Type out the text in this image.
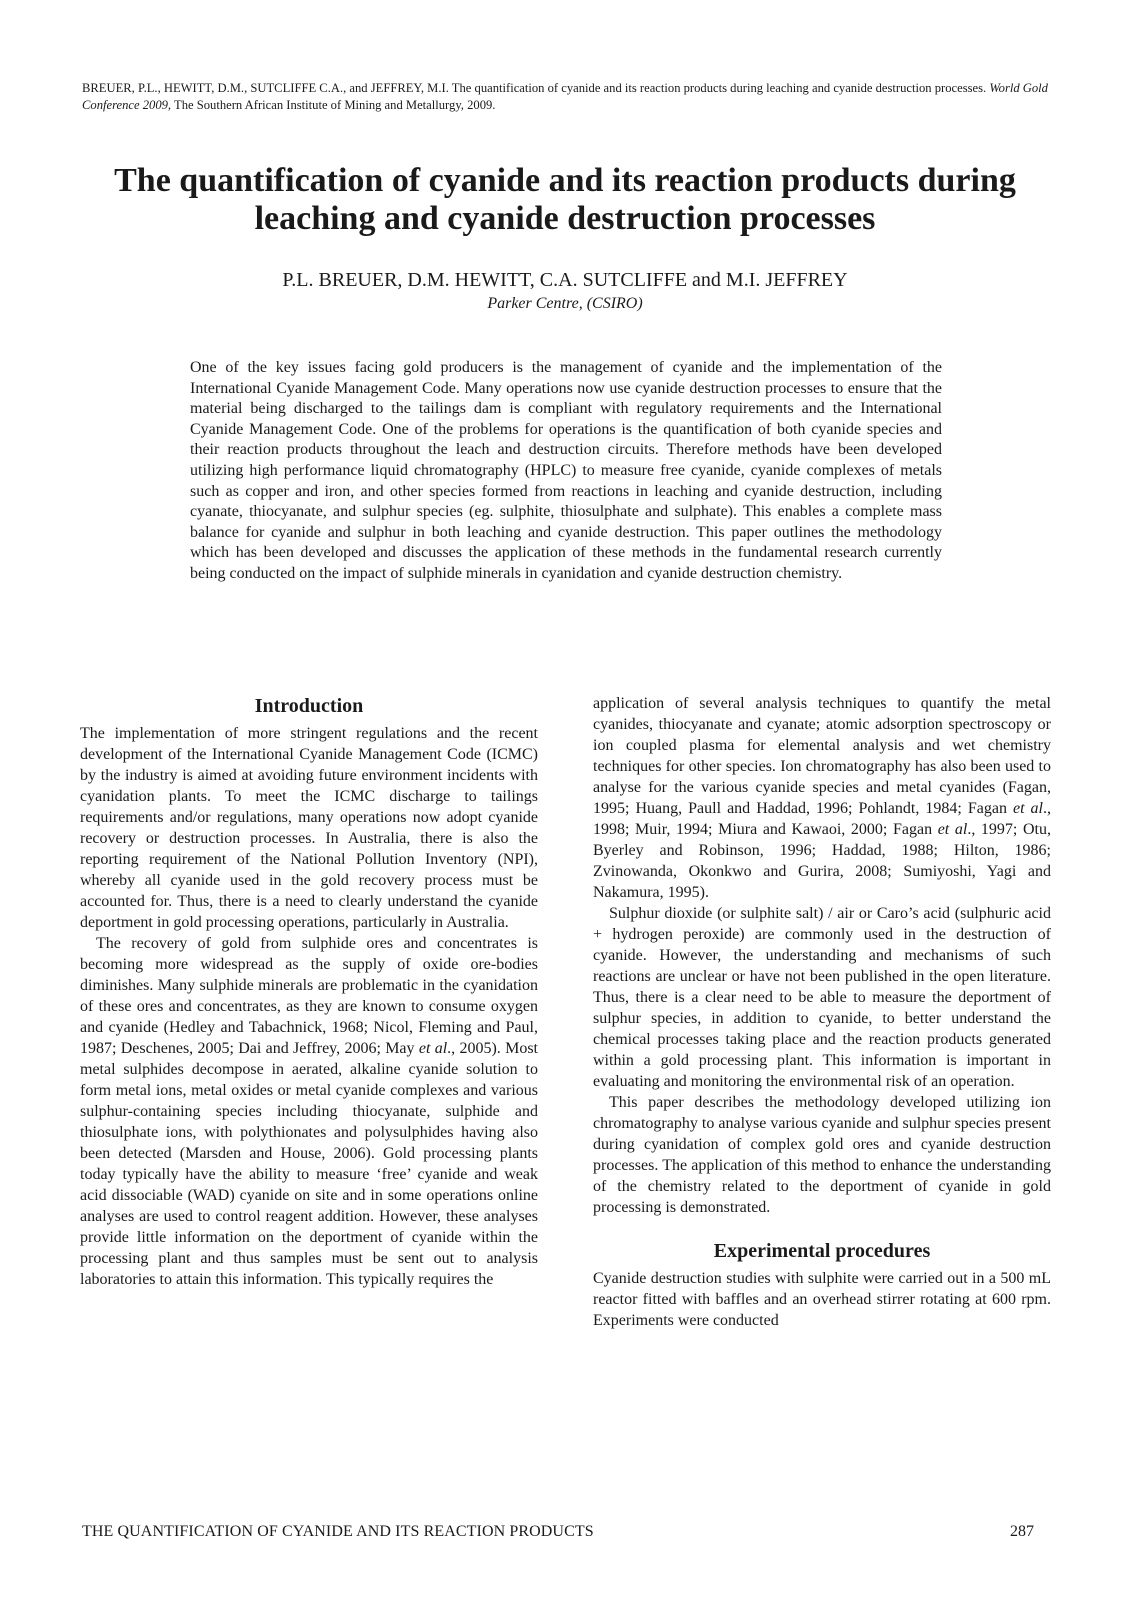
BREUER, P.L., HEWITT, D.M., SUTCLIFFE C.A., and JEFFREY, M.I. The quantification of cyanide and its reaction products during leaching and cyanide destruction processes. World Gold Conference 2009, The Southern African Institute of Mining and Metallurgy, 2009.
The quantification of cyanide and its reaction products during leaching and cyanide destruction processes
P.L. BREUER, D.M. HEWITT, C.A. SUTCLIFFE and M.I. JEFFREY
Parker Centre, (CSIRO)
One of the key issues facing gold producers is the management of cyanide and the implementation of the International Cyanide Management Code. Many operations now use cyanide destruction processes to ensure that the material being discharged to the tailings dam is compliant with regulatory requirements and the International Cyanide Management Code. One of the problems for operations is the quantification of both cyanide species and their reaction products throughout the leach and destruction circuits. Therefore methods have been developed utilizing high performance liquid chromatography (HPLC) to measure free cyanide, cyanide complexes of metals such as copper and iron, and other species formed from reactions in leaching and cyanide destruction, including cyanate, thiocyanate, and sulphur species (eg. sulphite, thiosulphate and sulphate). This enables a complete mass balance for cyanide and sulphur in both leaching and cyanide destruction. This paper outlines the methodology which has been developed and discusses the application of these methods in the fundamental research currently being conducted on the impact of sulphide minerals in cyanidation and cyanide destruction chemistry.
Introduction

The implementation of more stringent regulations and the recent development of the International Cyanide Management Code (ICMC) by the industry is aimed at avoiding future environment incidents with cyanidation plants. To meet the ICMC discharge to tailings requirements and/or regulations, many operations now adopt cyanide recovery or destruction processes. In Australia, there is also the reporting requirement of the National Pollution Inventory (NPI), whereby all cyanide used in the gold recovery process must be accounted for. Thus, there is a need to clearly understand the cyanide deportment in gold processing operations, particularly in Australia.

The recovery of gold from sulphide ores and concentrates is becoming more widespread as the supply of oxide ore-bodies diminishes. Many sulphide minerals are problematic in the cyanidation of these ores and concentrates, as they are known to consume oxygen and cyanide (Hedley and Tabachnick, 1968; Nicol, Fleming and Paul, 1987; Deschenes, 2005; Dai and Jeffrey, 2006; May et al., 2005). Most metal sulphides decompose in aerated, alkaline cyanide solution to form metal ions, metal oxides or metal cyanide complexes and various sulphur-containing species including thiocyanate, sulphide and thiosulphate ions, with polythionates and polysulphides having also been detected (Marsden and House, 2006). Gold processing plants today typically have the ability to measure ‘free’ cyanide and weak acid dissociable (WAD) cyanide on site and in some operations online analyses are used to control reagent addition. However, these analyses provide little information on the deportment of cyanide within the processing plant and thus samples must be sent out to analysis laboratories to attain this information. This typically requires the

application of several analysis techniques to quantify the metal cyanides, thiocyanate and cyanate; atomic adsorption spectroscopy or ion coupled plasma for elemental analysis and wet chemistry techniques for other species. Ion chromatography has also been used to analyse for the various cyanide species and metal cyanides (Fagan, 1995; Huang, Paull and Haddad, 1996; Pohlandt, 1984; Fagan et al., 1998; Muir, 1994; Miura and Kawaoi, 2000; Fagan et al., 1997; Otu, Byerley and Robinson, 1996; Haddad, 1988; Hilton, 1986; Zvinowanda, Okonkwo and Gurira, 2008; Sumiyoshi, Yagi and Nakamura, 1995).

Sulphur dioxide (or sulphite salt) / air or Caro’s acid (sulphuric acid + hydrogen peroxide) are commonly used in the destruction of cyanide. However, the understanding and mechanisms of such reactions are unclear or have not been published in the open literature. Thus, there is a clear need to be able to measure the deportment of sulphur species, in addition to cyanide, to better understand the chemical processes taking place and the reaction products generated within a gold processing plant. This information is important in evaluating and monitoring the environmental risk of an operation.

This paper describes the methodology developed utilizing ion chromatography to analyse various cyanide and sulphur species present during cyanidation of complex gold ores and cyanide destruction processes. The application of this method to enhance the understanding of the chemistry related to the deportment of cyanide in gold processing is demonstrated.

Experimental procedures

Cyanide destruction studies with sulphite were carried out in a 500 mL reactor fitted with baffles and an overhead stirrer rotating at 600 rpm. Experiments were conducted

THE QUANTIFICATION OF CYANIDE AND ITS REACTION PRODUCTS	287
